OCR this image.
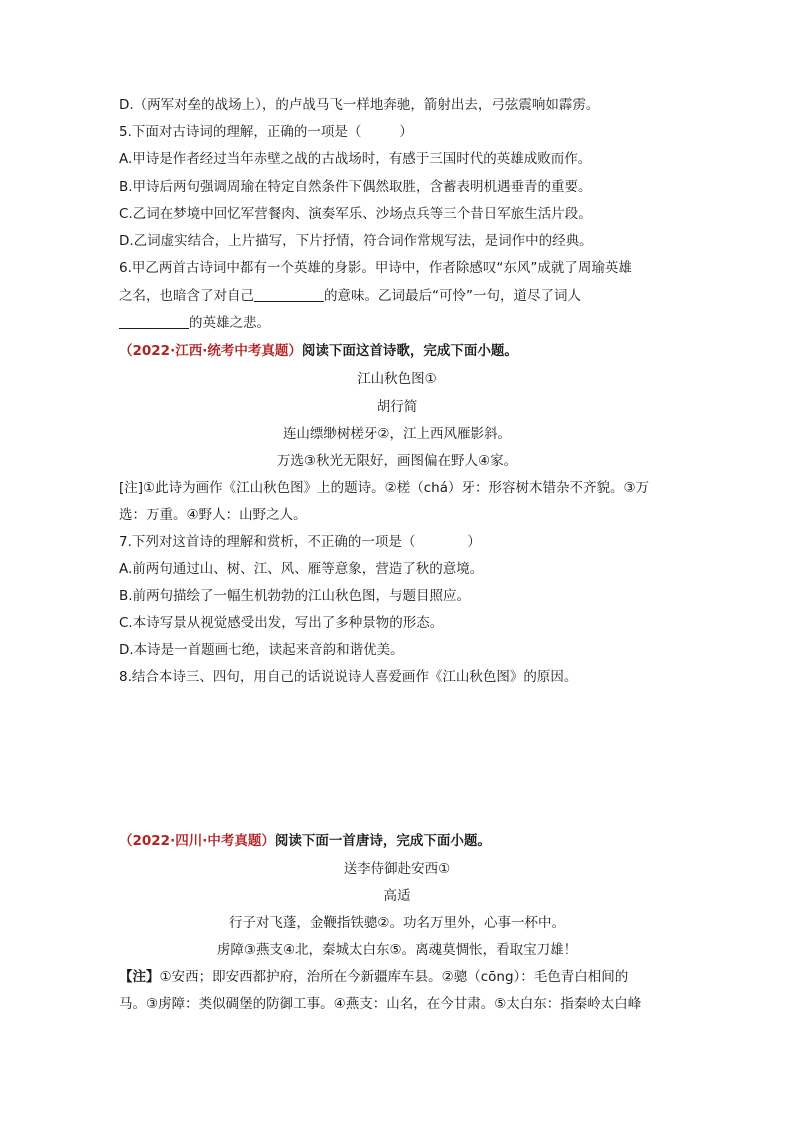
D.（两军对垒的战场上），的卢战马飞一样地奔驰，箭射出去，弓弦震响如霹雳。
5.下面对古诗词的理解，正确的一项是（	）
A.甲诗是作者经过当年赤壁之战的古战场时，有感于三国时代的英雄成败而作。
B.甲诗后两句强调周瑜在特定自然条件下偶然取胜，含蓄表明机遇垂青的重要。
C.乙词在梦境中回忆军营餐肉、演奏军乐、沙场点兵等三个昔日军旅生活片段。
D.乙词虚实结合，上片描写，下片抒情，符合词作常规写法，是词作中的经典。
6.甲乙两首古诗词中都有一个英雄的身影。甲诗中，作者除感叹“东风”成就了周瑜英雄
之名，也暗含了对自己	的意味。乙词最后“可怜”一句，道尽了词人
的英雄之悲。
（2022·江西·统考中考真题）阅读下面这首诗歌，完成下面小题。
江山秋色图①
胡行简
连山缥缈树槎牙②，江上西风雁影斜。
万选③秋光无限好，画图偏在野人④家。
[注]①此诗为画作《江山秋色图》上的题诗。②槎（chá）牙：形容树木错杂不齐貌。③万
选：万重。④野人：山野之人。
7.下列对这首诗的理解和赏析，不正确的一项是（	）
A.前两句通过山、树、江、风、雁等意象，营造了秋的意境。
B.前两句描绘了一幅生机勃勃的江山秋色图，与题目照应。
C.本诗写景从视觉感受出发，写出了多种景物的形态。
D.本诗是一首题画七绝，读起来音韵和谐优美。
8.结合本诗三、四句，用自己的话说说诗人喜爱画作《江山秋色图》的原因。
（2022·四川·中考真题）阅读下面一首唐诗，完成下面小题。
送李侍御赴安西①
高适
行子对飞蓬，金鞭指铁骢②。功名万里外，心事一杯中。
虏障③燕支④北，秦城太白东⑤。离魂莫惆怅，看取宝刀雄！
【注】①安西；即安西都护府，治所在今新疆库车县。②骢（cōng）：毛色青白相间的
马。③虏障：类似碉堡的防御工事。④燕支：山名，在今甘肃。⑤太白东：指秦岭太白峰
